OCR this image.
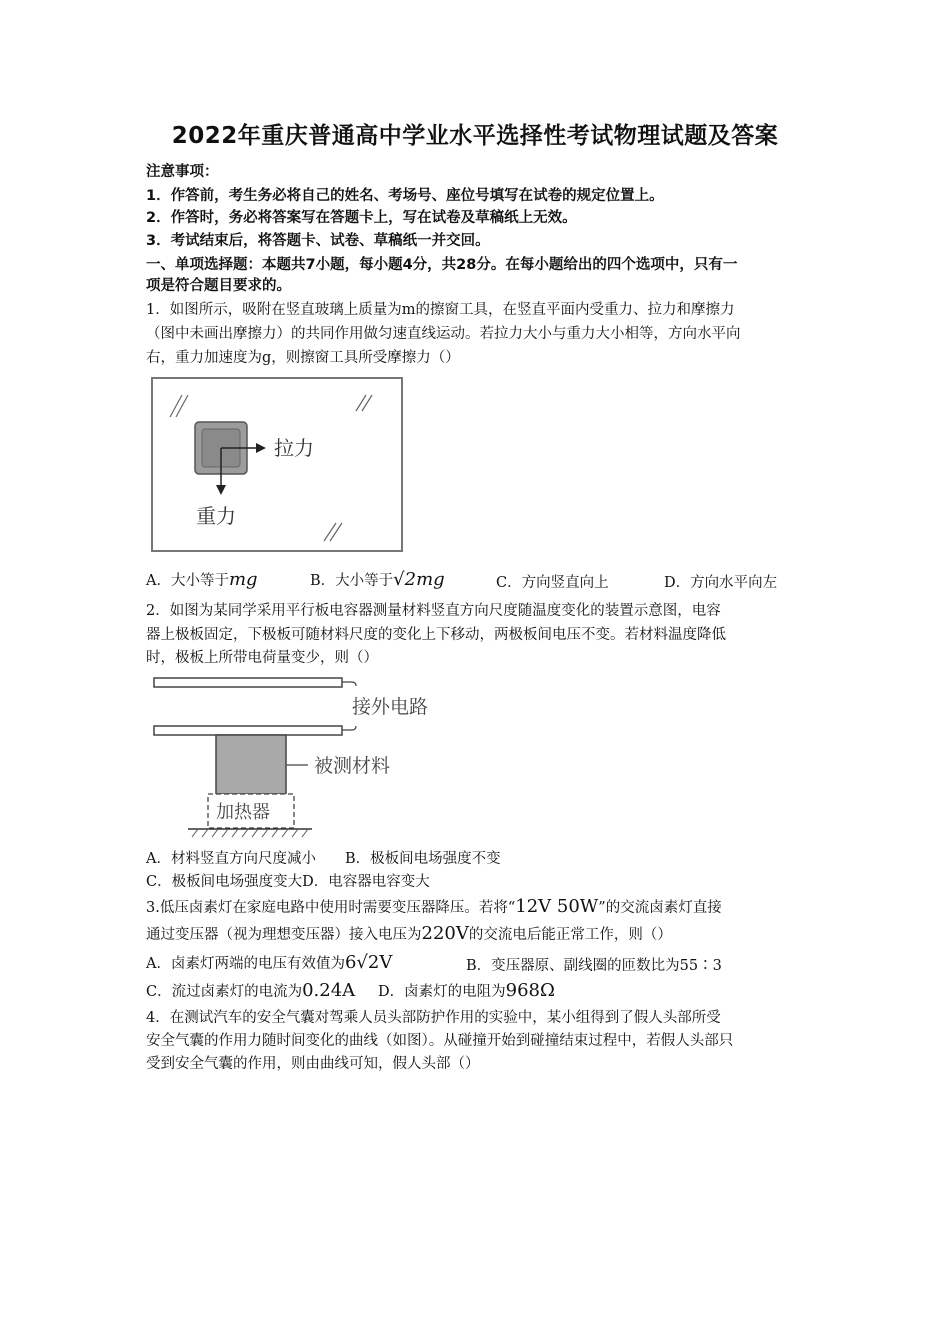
2022年重庆普通高中学业水平选择性考试物理试题及答案
注意事项：
1．作答前，考生务必将自己的姓名、考场号、座位号填写在试卷的规定位置上。
2．作答时，务必将答案写在答题卡上，写在试卷及草稿纸上无效。
3．考试结束后，将答题卡、试卷、草稿纸一并交回。
一、单项选择题：本题共7小题，每小题4分，共28分。在每小题给出的四个选项中，只有一
项是符合题目要求的。
1．如图所示，吸附在竖直玻璃上质量为m的擦窗工具，在竖直平面内受重力、拉力和摩擦力
（图中未画出摩擦力）的共同作用做匀速直线运动。若拉力大小与重力大小相等，方向水平向
右，重力加速度为g，则擦窗工具所受摩擦力（）
拉力
重力
A．大小等于mg	B．大小等于√2mg	C．方向竖直向上	D．方向水平向左
2．如图为某同学采用平行板电容器测量材料竖直方向尺度随温度变化的装置示意图，电容
器上极板固定，下极板可随材料尺度的变化上下移动，两极板间电压不变。若材料温度降低
时，极板上所带电荷量变少，则（）
接外电路
被测材料
加热器
A．材料竖直方向尺度减小　　B．极板间电场强度不变
C．极板间电场强度变大D．电容器电容变大
3.低压卤素灯在家庭电路中使用时需要变压器降压。若将“12V 50W”的交流卤素灯直接
通过变压器（视为理想变压器）接入电压为220V的交流电后能正常工作，则（）
A．卤素灯两端的电压有效值为6√2V	B．变压器原、副线圈的匝数比为55∶3
C．流过卤素灯的电流为0.24A D．卤素灯的电阻为968Ω
4．在测试汽车的安全气囊对驾乘人员头部防护作用的实验中，某小组得到了假人头部所受
安全气囊的作用力随时间变化的曲线（如图）。从碰撞开始到碰撞结束过程中，若假人头部只
受到安全气囊的作用，则由曲线可知，假人头部（）
